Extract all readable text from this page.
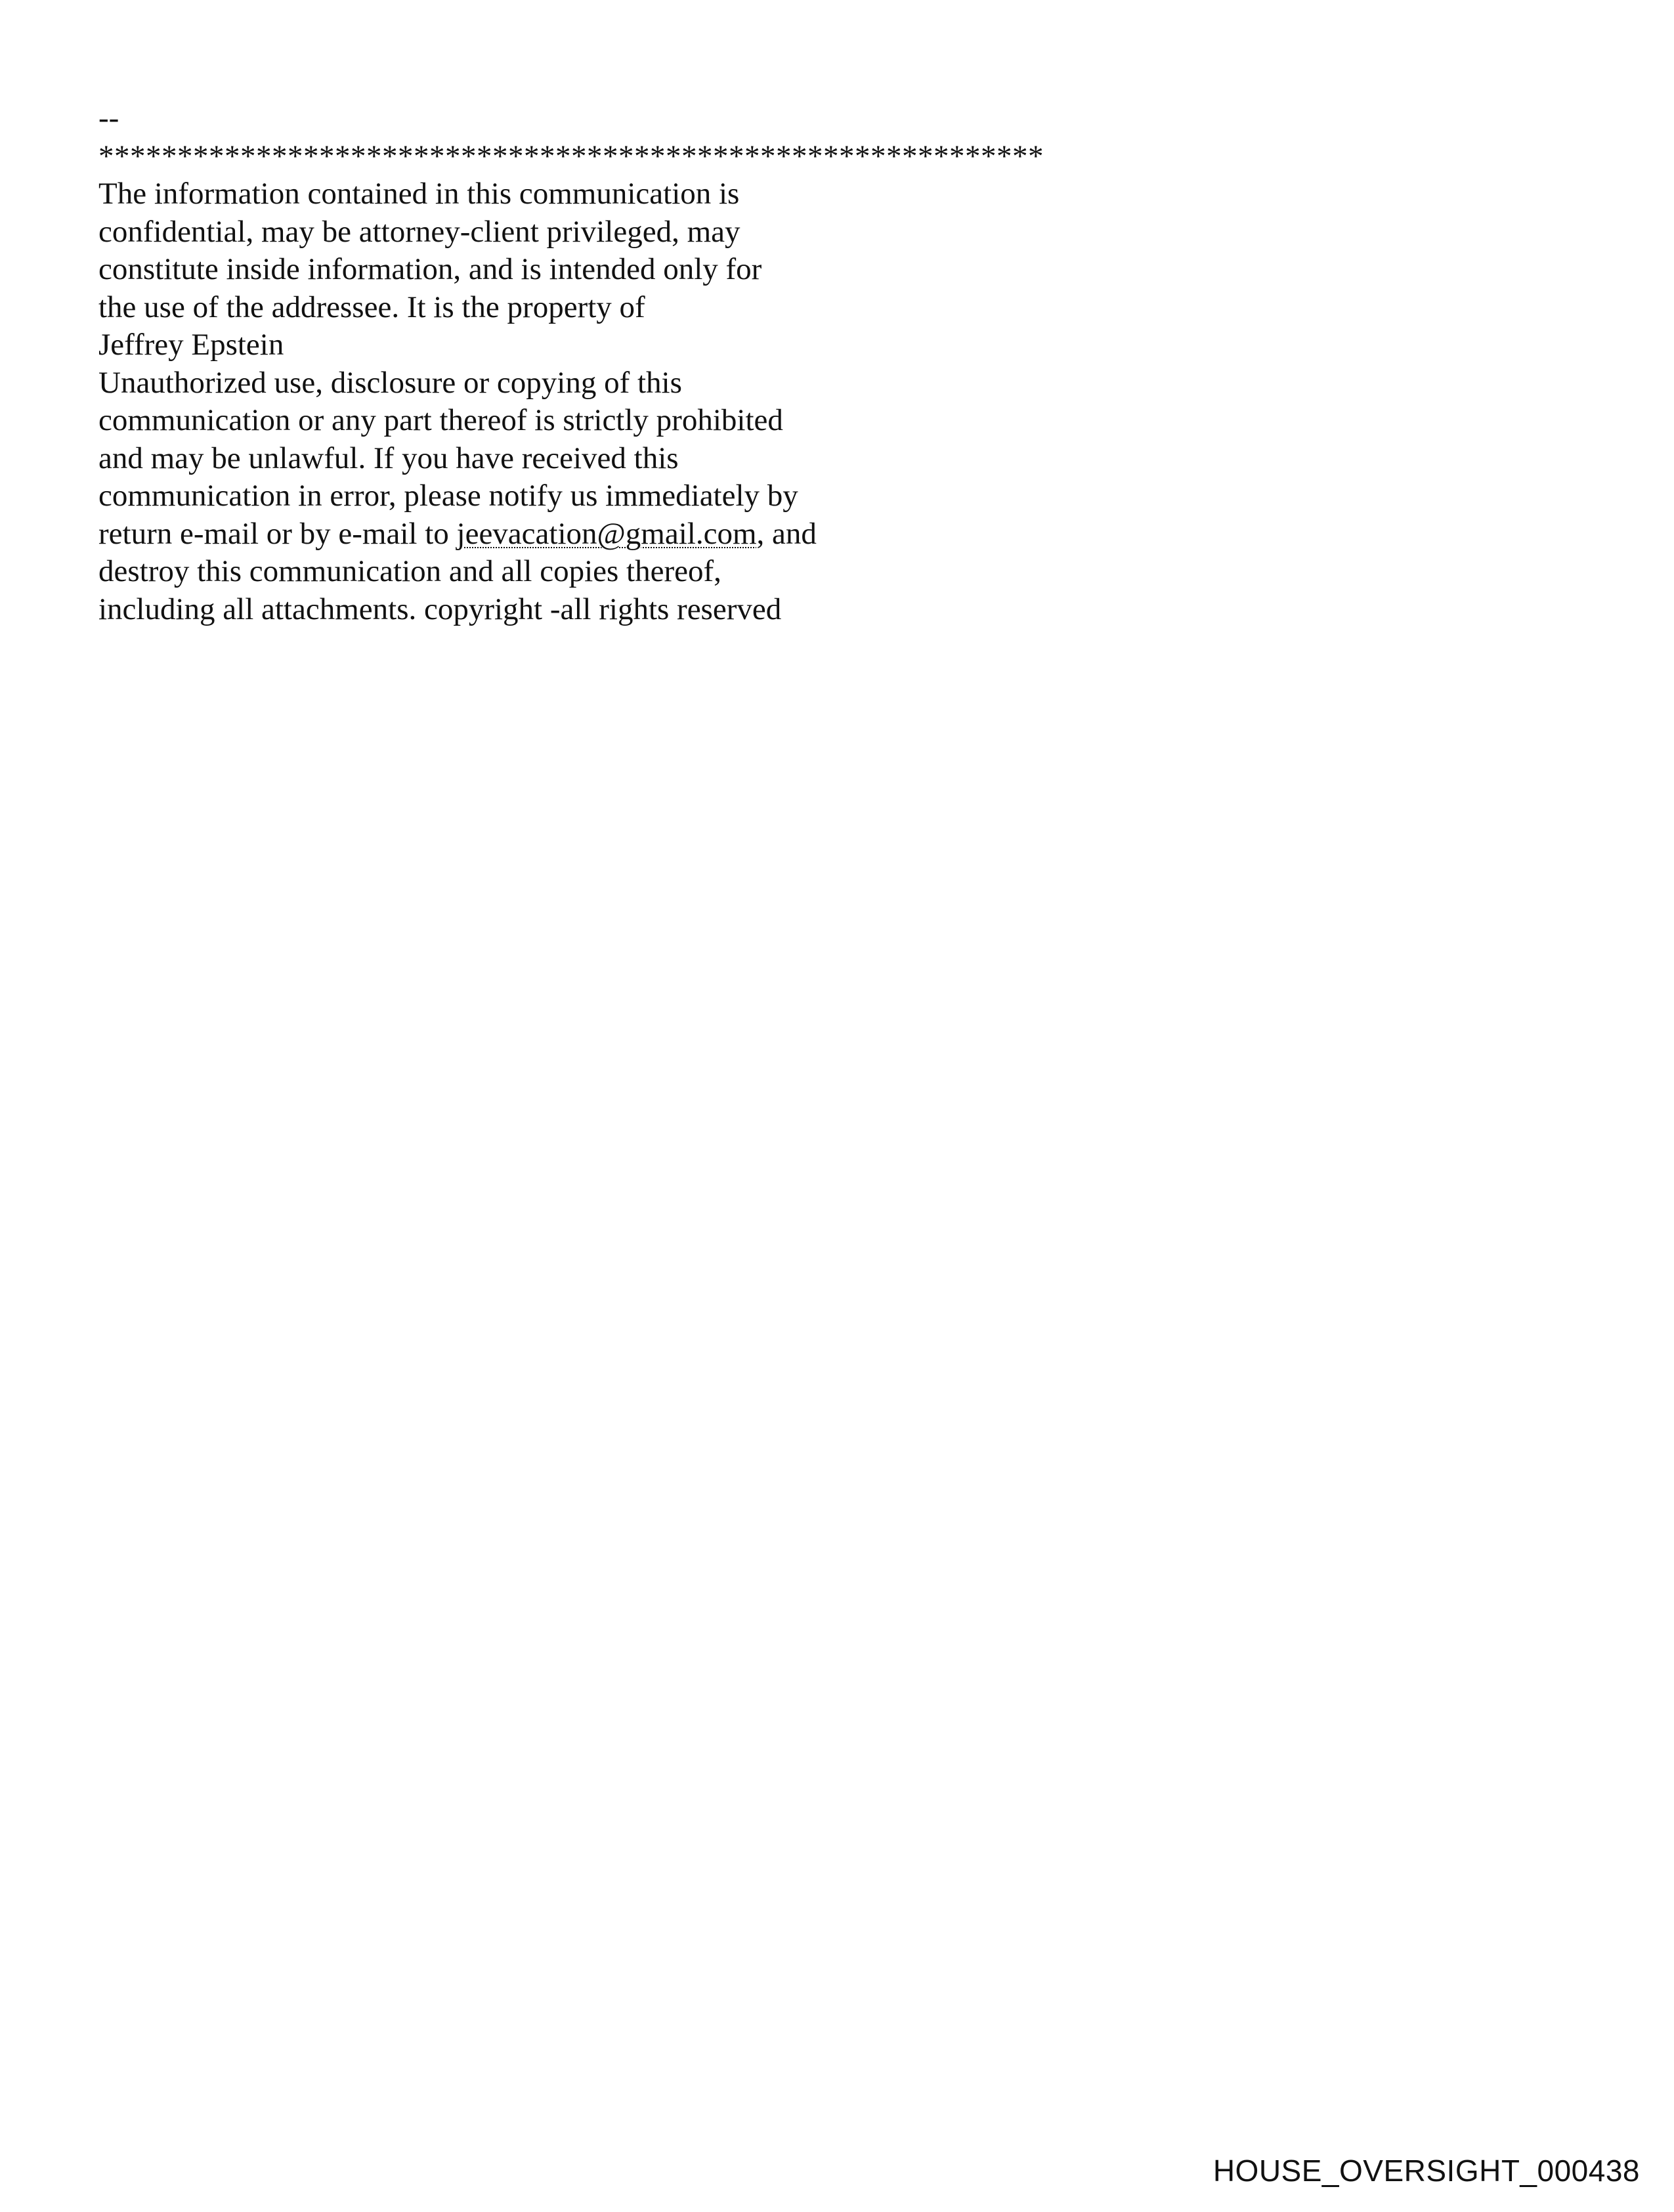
--
************************************************************
The information contained in this communication is
confidential, may be attorney-client privileged, may
constitute inside information, and is intended only for
the use of the addressee. It is the property of
Jeffrey Epstein
Unauthorized use, disclosure or copying of this
communication or any part thereof is strictly prohibited
and may be unlawful. If you have received this
communication in error, please notify us immediately by
return e-mail or by e-mail to jeevacation@gmail.com, and
destroy this communication and all copies thereof,
including all attachments. copyright -all rights reserved
HOUSE_OVERSIGHT_000438
